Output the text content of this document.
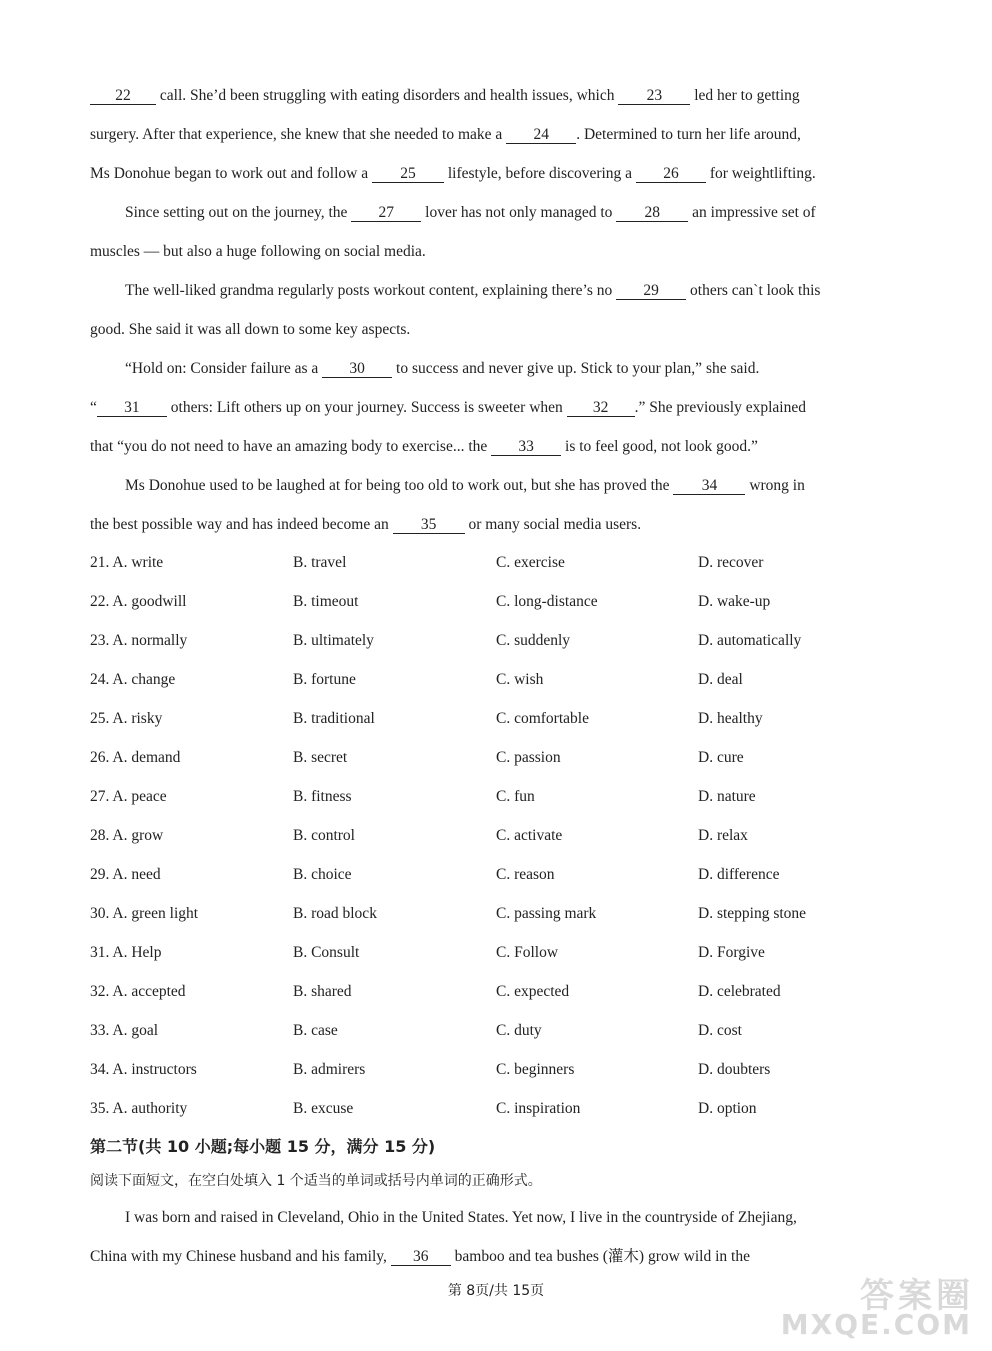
22 call. She’d been struggling with eating disorders and health issues, which 23 led her to getting
surgery. After that experience, she knew that she needed to make a 24 . Determined to turn her life around,
Ms Donohue began to work out and follow a 25 lifestyle, before discovering a 26 for weightlifting.
Since setting out on the journey, the 27 lover has not only managed to 28 an impressive set of
muscles — but also a huge following on social media.
The well-liked grandma regularly posts workout content, explaining there’s no 29 others can`t look this
good. She said it was all down to some key aspects.
“Hold on: Consider failure as a 30 to success and never give up. Stick to your plan,” she said.
“ 31 others: Lift others up on your journey. Success is sweeter when 32 .” She previously explained
that “you do not need to have an amazing body to exercise... the 33 is to feel good, not look good.”
Ms Donohue used to be laughed at for being too old to work out, but she has proved the 34 wrong in
the best possible way and has indeed become an 35 or many social media users.
21. A. write	B. travel	C. exercise	D. recover
22. A. goodwill	B. timeout	C. long-distance	D. wake-up
23. A. normally	B. ultimately	C. suddenly	D. automatically
24. A. change	B. fortune	C. wish	D. deal
25. A. risky	B. traditional	C. comfortable	D. healthy
26. A. demand	B. secret	C. passion	D. cure
27. A. peace	B. fitness	C. fun	D. nature
28. A. grow	B. control	C. activate	D. relax
29. A. need	B. choice	C. reason	D. difference
30. A. green light	B. road block	C. passing mark	D. stepping stone
31. A. Help	B. Consult	C. Follow	D. Forgive
32. A. accepted	B. shared	C. expected	D. celebrated
33. A. goal	B. case	C. duty	D. cost
34. A. instructors	B. admirers	C. beginners	D. doubters
35. A. authority	B. excuse	C. inspiration	D. option
第二节(共 10 小题;每小题 15 分，满分 15 分)
阅读下面短文，在空白处填入 1 个适当的单词或括号内单词的正确形式。
I was born and raised in Cleveland, Ohio in the United States. Yet now, I live in the countryside of Zhejiang,
China with my Chinese husband and his family, 36 bamboo and tea bushes (灌木) grow wild in the
第 8页/共 15页	答案圈
MXQE.COM
